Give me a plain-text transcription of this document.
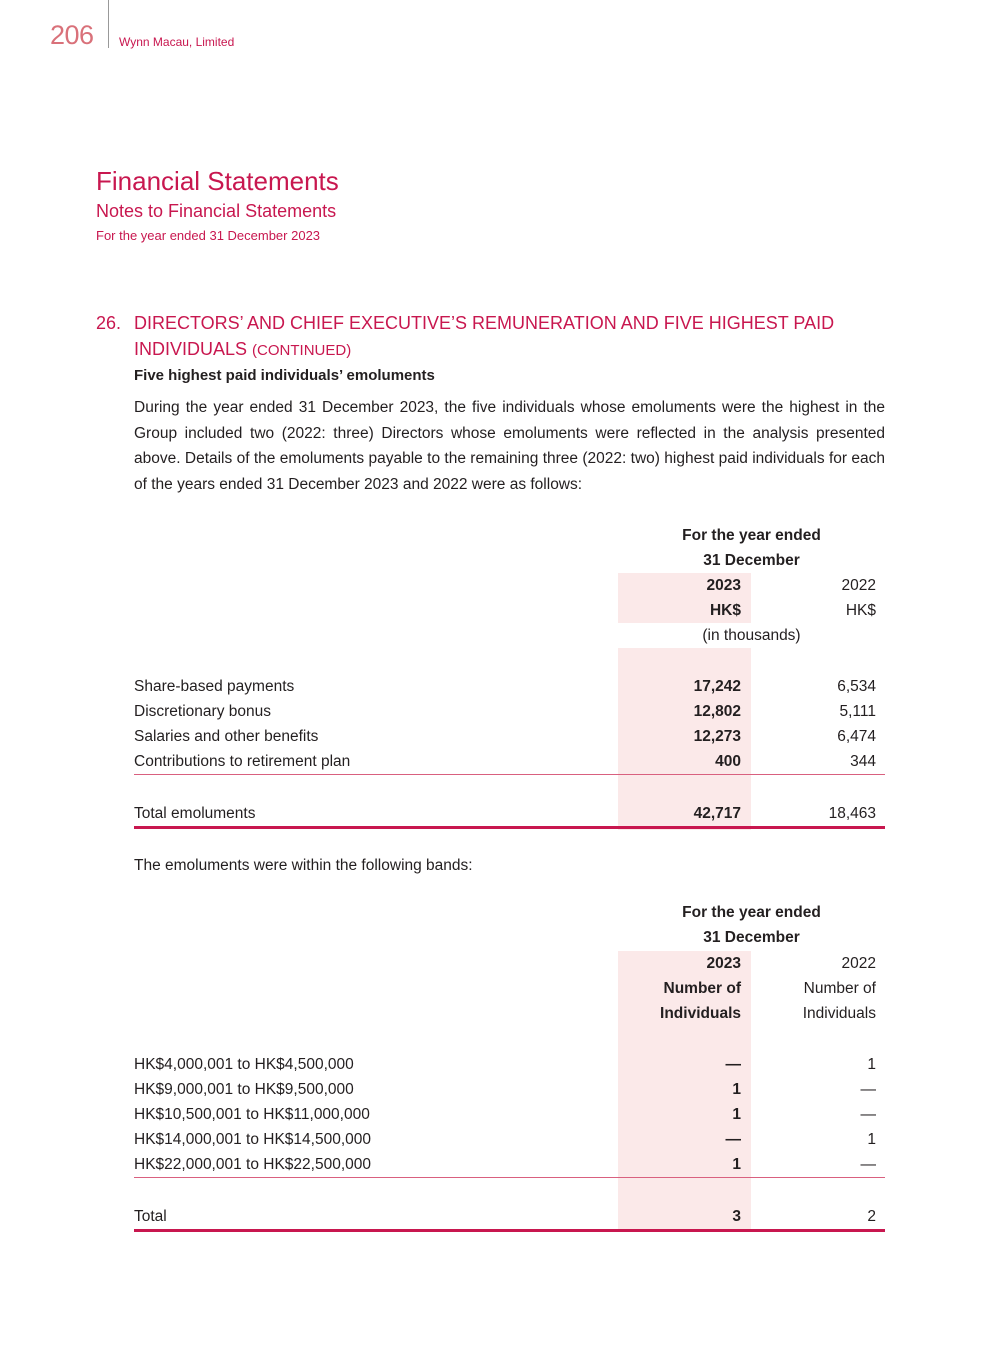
206 Wynn Macau, Limited
Financial Statements
Notes to Financial Statements
For the year ended 31 December 2023
26. DIRECTORS’ AND CHIEF EXECUTIVE’S REMUNERATION AND FIVE HIGHEST PAID
INDIVIDUALS (CONTINUED)
Five highest paid individuals’ emoluments
During the year ended 31 December 2023, the five individuals whose emoluments were the highest in the Group included two (2022: three) Directors whose emoluments were reflected in the analysis presented above. Details of the emoluments payable to the remaining three (2022: two) highest paid individuals for each of the years ended 31 December 2023 and 2022 were as follows:
For the year ended
31 December
2023	2022
HK$	HK$
(in thousands)
Share-based payments	17,242	6,534
Discretionary bonus	12,802	5,111
Salaries and other benefits	12,273	6,474
Contributions to retirement plan	400	344
Total emoluments	42,717	18,463
The emoluments were within the following bands:
For the year ended
31 December
2023	2022
Number of	Number of
Individuals	Individuals
HK$4,000,001 to HK$4,500,000	—	1
HK$9,000,001 to HK$9,500,000	1	—
HK$10,500,001 to HK$11,000,000	1	—
HK$14,000,001 to HK$14,500,000	—	1
HK$22,000,001 to HK$22,500,000	1	—
Total	3	2
